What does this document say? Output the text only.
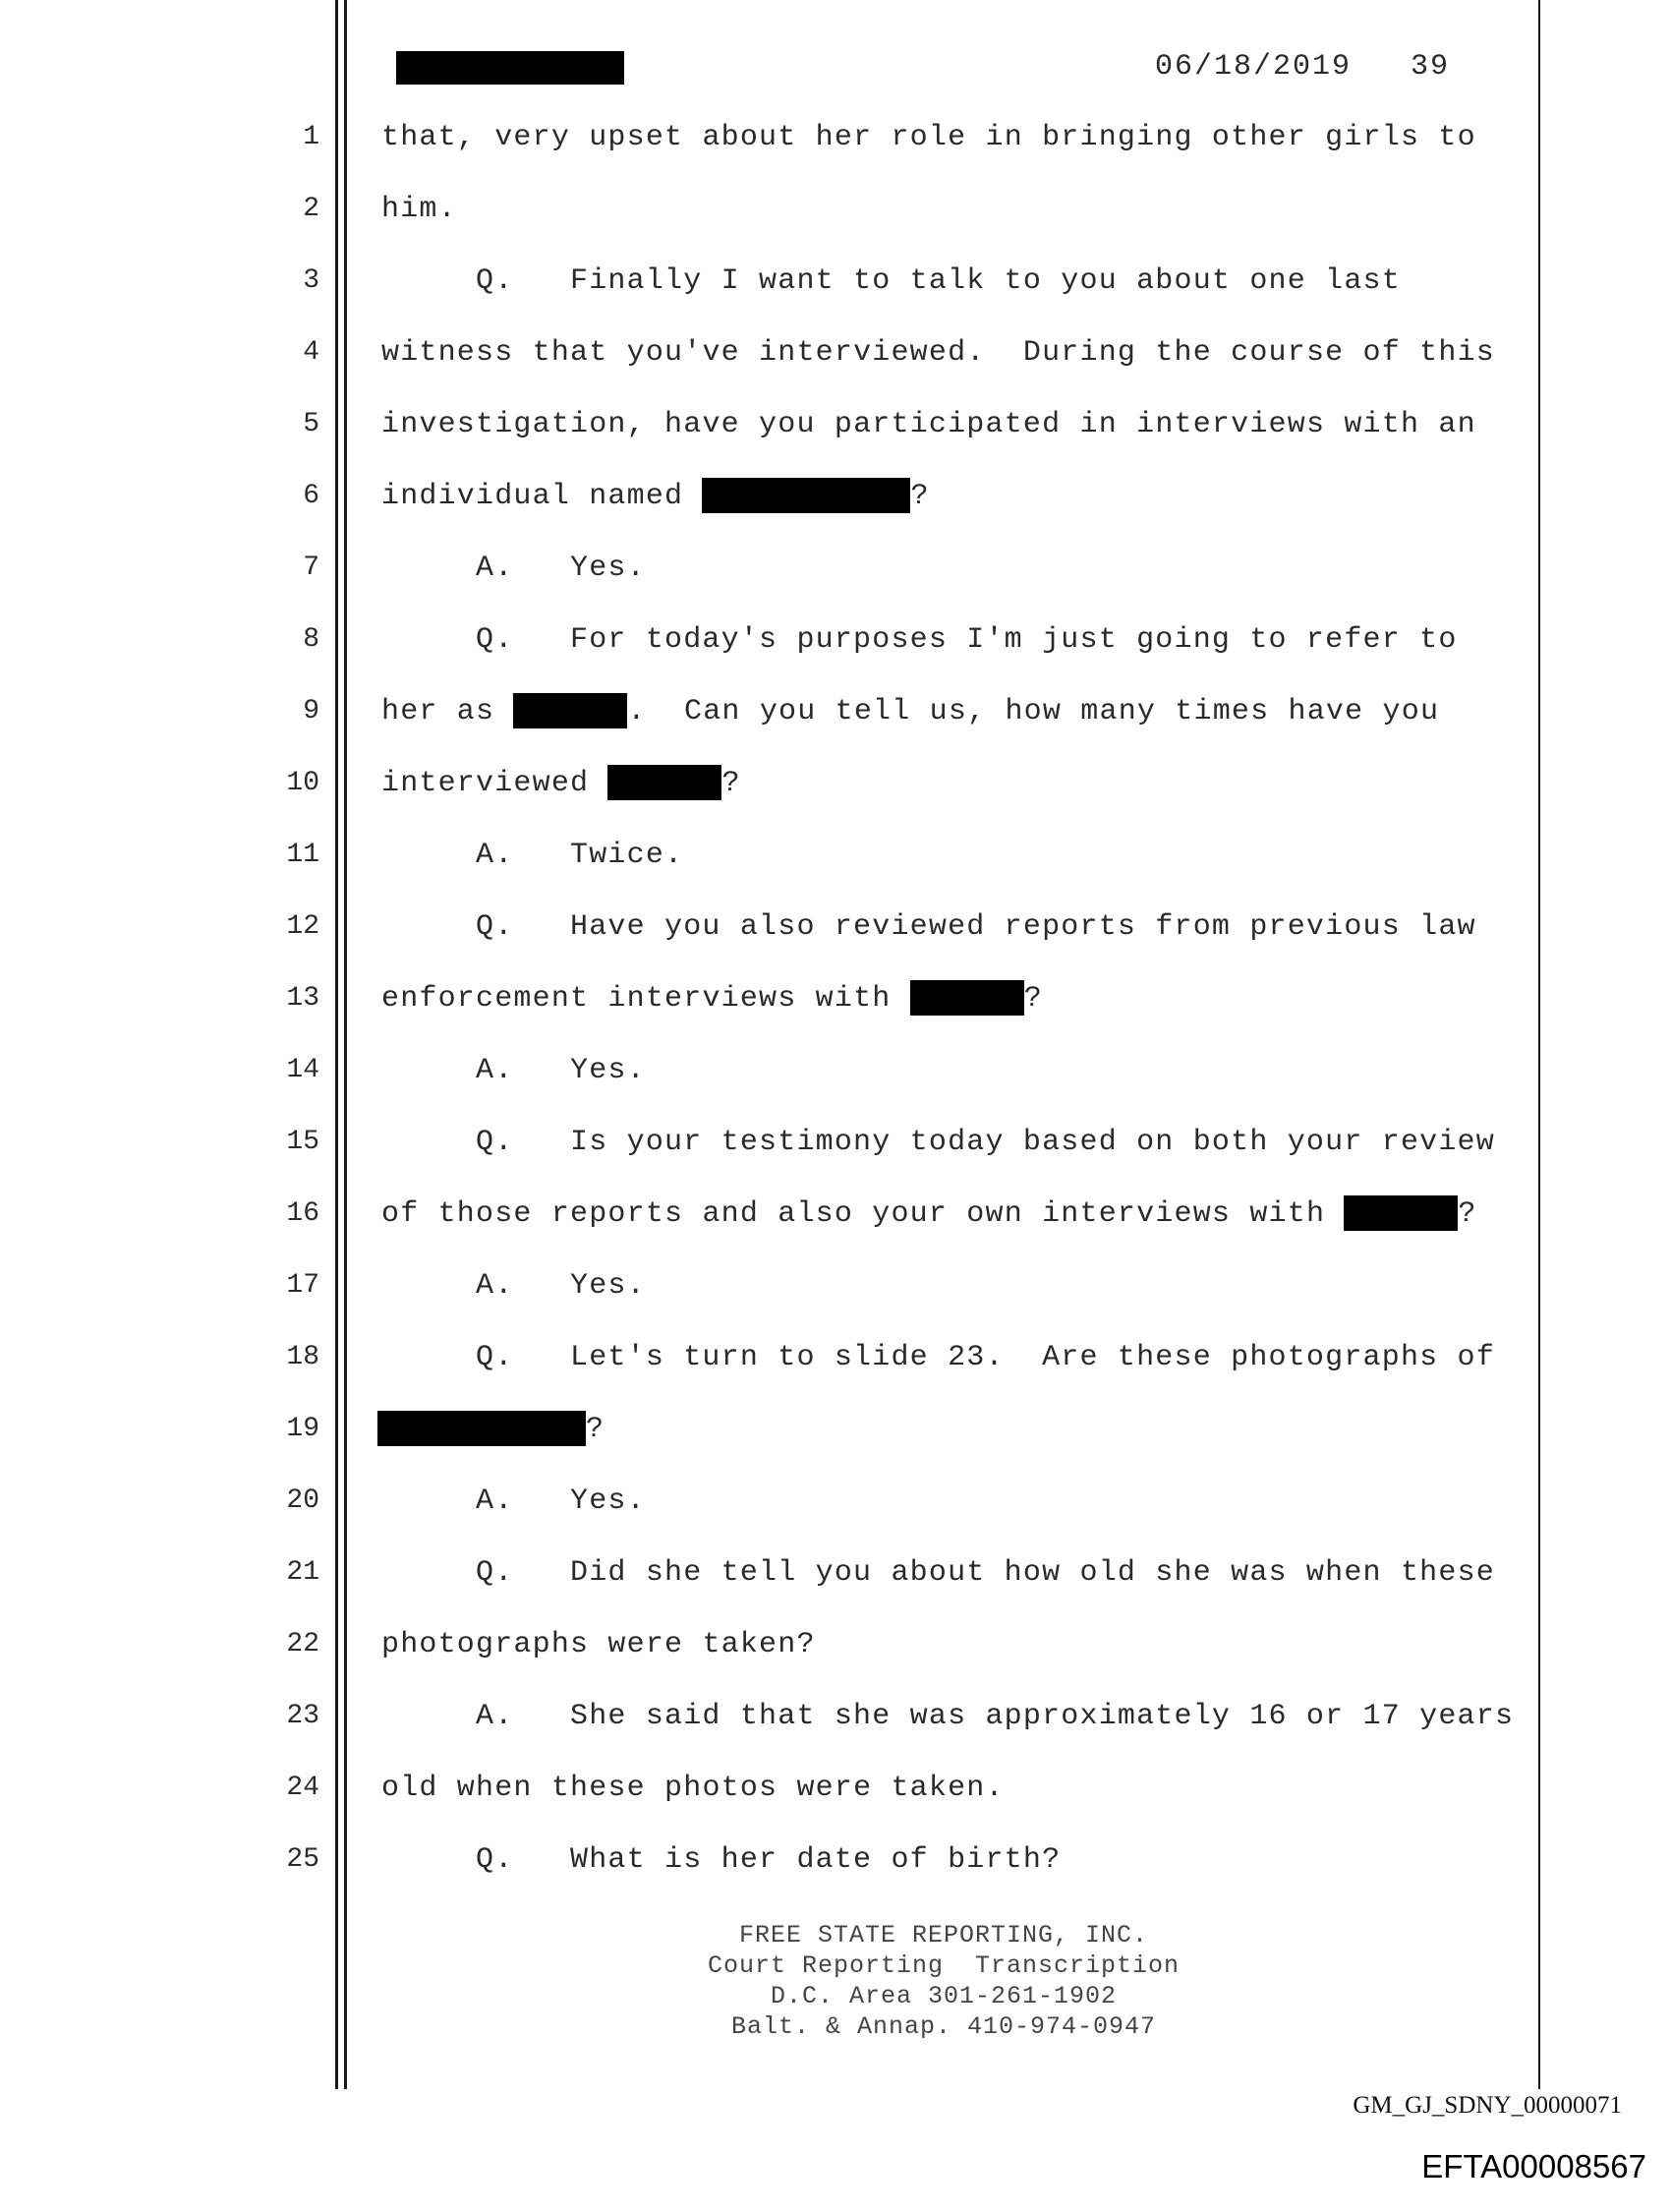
06/18/2019 39
1
2
3
4
5
6
7
8
9
10
11
12
13
14
15
16
17
18
19
20
21
22
23
24
25
that, very upset about her role in bringing other girls to
him.
Q.   Finally I want to talk to you about one last
witness that you've interviewed.  During the course of this
investigation, have you participated in interviews with an
individual named	?
A.   Yes.
Q.   For today's purposes I'm just going to refer to
her as	.  Can you tell us, how many times have you
interviewed	?
A.   Twice.
Q.   Have you also reviewed reports from previous law
enforcement interviews with	?
A.   Yes.
Q.   Is your testimony today based on both your review
of those reports and also your own interviews with	?
A.   Yes.
Q.   Let's turn to slide 23.  Are these photographs of
?
A.   Yes.
Q.   Did she tell you about how old she was when these
photographs were taken?
A.   She said that she was approximately 16 or 17 years
old when these photos were taken.
Q.   What is her date of birth?
FREE STATE REPORTING, INC.
Court Reporting  Transcription
D.C. Area 301-261-1902
Balt. & Annap. 410-974-0947
GM_GJ_SDNY_00000071
EFTA00008567
